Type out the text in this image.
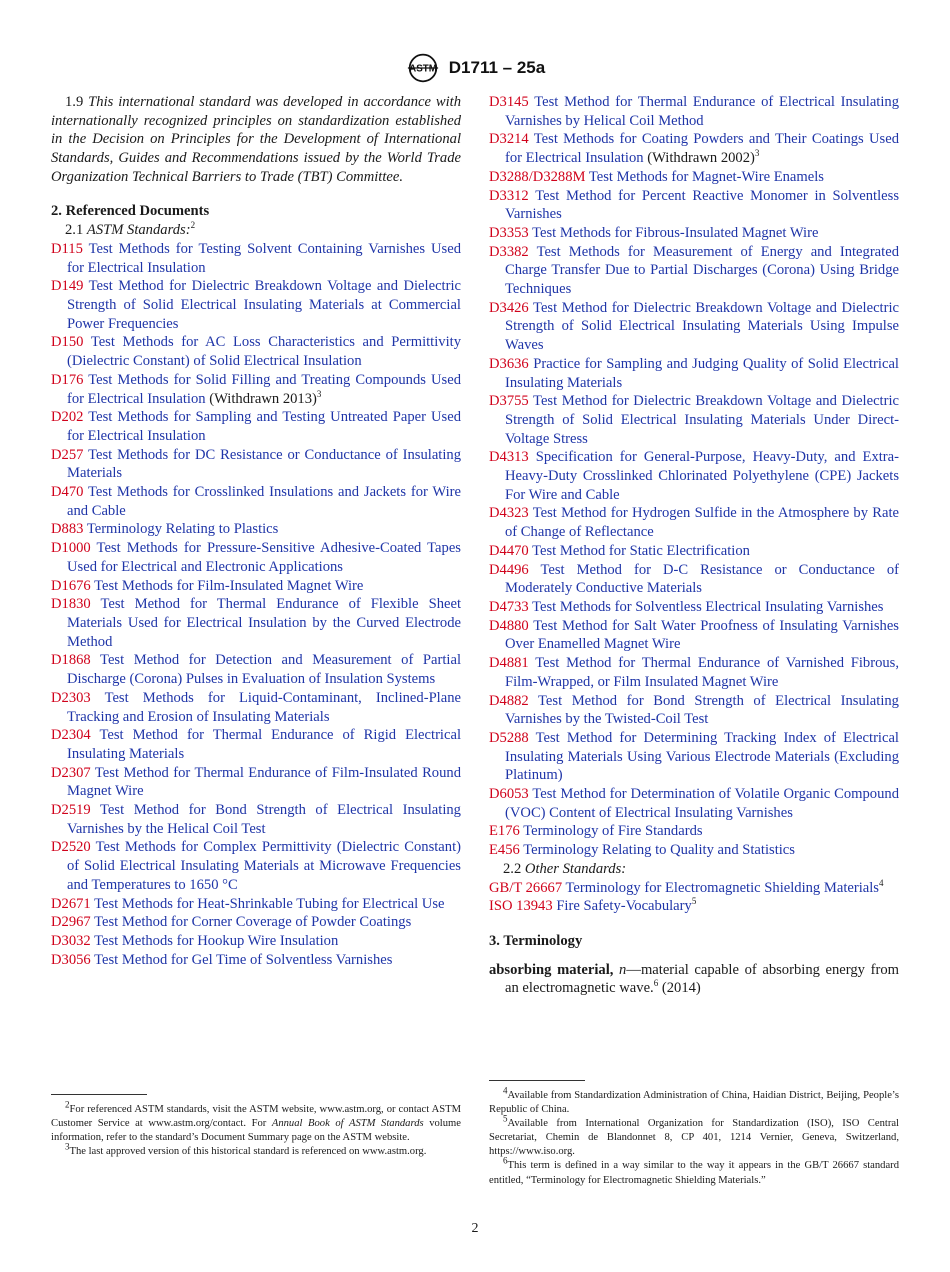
ASTM D1711 – 25a

1.9 This international standard was developed in accordance with internationally recognized principles on standardization established in the Decision on Principles for the Development of International Standards, Guides and Recommendations issued by the World Trade Organization Technical Barriers to Trade (TBT) Committee.

2. Referenced Documents

2.1 ASTM Standards:$^2$

D115 Test Methods for Testing Solvent Containing Varnishes Used for Electrical Insulation

D149 Test Method for Dielectric Breakdown Voltage and Dielectric Strength of Solid Electrical Insulating Materials at Commercial Power Frequencies

D150 Test Methods for AC Loss Characteristics and Permittivity (Dielectric Constant) of Solid Electrical Insulation

D176 Test Methods for Solid Filling and Treating Compounds Used for Electrical Insulation (Withdrawn 2013)$^3$

D202 Test Methods for Sampling and Testing Untreated Paper Used for Electrical Insulation

D257 Test Methods for DC Resistance or Conductance of Insulating Materials

D470 Test Methods for Crosslinked Insulations and Jackets for Wire and Cable

D883 Terminology Relating to Plastics

D1000 Test Methods for Pressure-Sensitive Adhesive-Coated Tapes Used for Electrical and Electronic Applications

D1676 Test Methods for Film-Insulated Magnet Wire

D1830 Test Method for Thermal Endurance of Flexible Sheet Materials Used for Electrical Insulation by the Curved Electrode Method

D1868 Test Method for Detection and Measurement of Partial Discharge (Corona) Pulses in Evaluation of Insulation Systems

D2303 Test Methods for Liquid-Contaminant, Inclined-Plane Tracking and Erosion of Insulating Materials

D2304 Test Method for Thermal Endurance of Rigid Electrical Insulating Materials

D2307 Test Method for Thermal Endurance of Film-Insulated Round Magnet Wire

D2519 Test Method for Bond Strength of Electrical Insulating Varnishes by the Helical Coil Test

D2520 Test Methods for Complex Permittivity (Dielectric Constant) of Solid Electrical Insulating Materials at Microwave Frequencies and Temperatures to 1650 °C

D2671 Test Methods for Heat-Shrinkable Tubing for Electrical Use

D2967 Test Method for Corner Coverage of Powder Coatings

D3032 Test Methods for Hookup Wire Insulation

D3056 Test Method for Gel Time of Solventless Varnishes

D3145 Test Method for Thermal Endurance of Electrical Insulating Varnishes by Helical Coil Method

D3214 Test Methods for Coating Powders and Their Coatings Used for Electrical Insulation (Withdrawn 2002)$^3$

D3288/D3288M Test Methods for Magnet-Wire Enamels

D3312 Test Method for Percent Reactive Monomer in Solventless Varnishes

D3353 Test Methods for Fibrous-Insulated Magnet Wire

D3382 Test Methods for Measurement of Energy and Integrated Charge Transfer Due to Partial Discharges (Corona) Using Bridge Techniques

D3426 Test Method for Dielectric Breakdown Voltage and Dielectric Strength of Solid Electrical Insulating Materials Using Impulse Waves

D3636 Practice for Sampling and Judging Quality of Solid Electrical Insulating Materials

D3755 Test Method for Dielectric Breakdown Voltage and Dielectric Strength of Solid Electrical Insulating Materials Under Direct-Voltage Stress

D4313 Specification for General-Purpose, Heavy-Duty, and Extra-Heavy-Duty Crosslinked Chlorinated Polyethylene (CPE) Jackets For Wire and Cable

D4323 Test Method for Hydrogen Sulfide in the Atmosphere by Rate of Change of Reflectance

D4470 Test Method for Static Electrification

D4496 Test Method for D-C Resistance or Conductance of Moderately Conductive Materials

D4733 Test Methods for Solventless Electrical Insulating Varnishes

D4880 Test Method for Salt Water Proofness of Insulating Varnishes Over Enamelled Magnet Wire

D4881 Test Method for Thermal Endurance of Varnished Fibrous, Film-Wrapped, or Film Insulated Magnet Wire

D4882 Test Method for Bond Strength of Electrical Insulating Varnishes by the Twisted-Coil Test

D5288 Test Method for Determining Tracking Index of Electrical Insulating Materials Using Various Electrode Materials (Excluding Platinum)

D6053 Test Method for Determination of Volatile Organic Compound (VOC) Content of Electrical Insulating Varnishes

E176 Terminology of Fire Standards

E456 Terminology Relating to Quality and Statistics

2.2 Other Standards:

GB/T 26667 Terminology for Electromagnetic Shielding Materials$^4$

ISO 13943 Fire Safety-Vocabulary$^5$

3. Terminology

absorbing material, n—material capable of absorbing energy from an electromagnetic wave.$^6$ (2014)

$^2$For referenced ASTM standards, visit the ASTM website, www.astm.org, or contact ASTM Customer Service at www.astm.org/contact. For Annual Book of ASTM Standards volume information, refer to the standard’s Document Summary page on the ASTM website.

$^3$The last approved version of this historical standard is referenced on www.astm.org.

$^4$Available from Standardization Administration of China, Haidian District, Beijing, People’s Republic of China.

$^5$Available from International Organization for Standardization (ISO), ISO Central Secretariat, Chemin de Blandonnet 8, CP 401, 1214 Vernier, Geneva, Switzerland, https://www.iso.org.

$^6$This term is defined in a way similar to the way it appears in the GB/T 26667 standard entitled, “Terminology for Electromagnetic Shielding Materials.”

2
